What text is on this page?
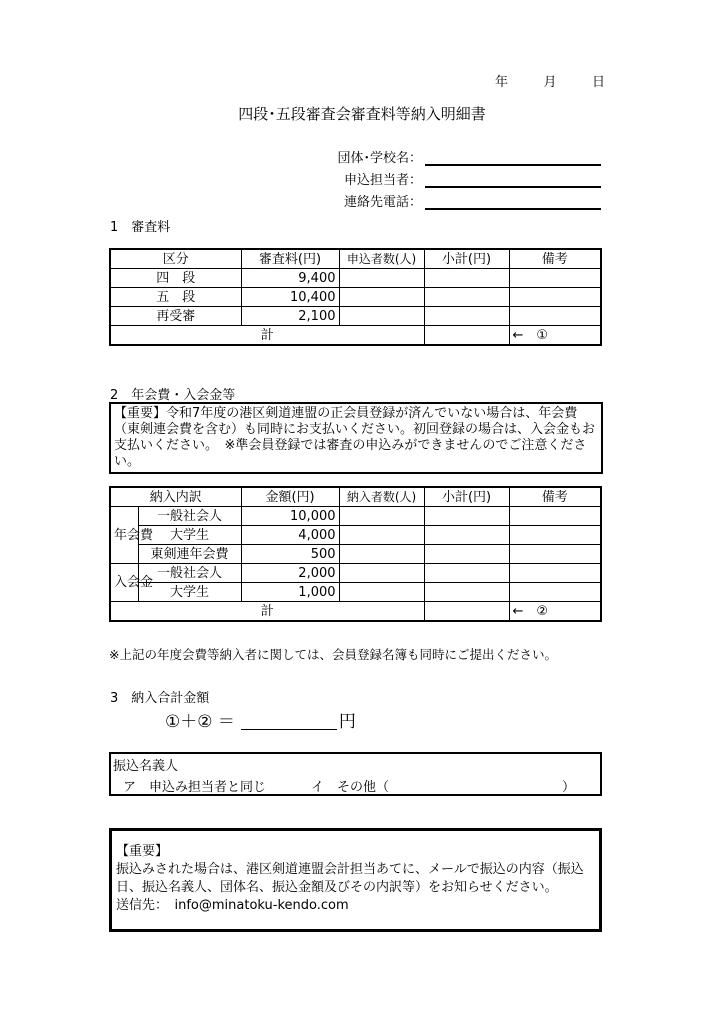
年	月	日
四段･五段審査会審査料等納入明細書
団体･学校名：
申込担当者：
連絡先電話：
1　審査料
区分	審査料(円)	申込者数(人)	小計(円)	備考
四　段	9,400			
五　段	10,400			
再受審	2,100			
計				←　①
2　年会費・入会金等
【重要】令和7年度の港区剣道連盟の正会員登録が済んでいない場合は、年会費（東剣連会費を含む）も同時にお支払いください。初回登録の場合は、入会金もお支払いください。　※準会員登録では審査の申込みができませんのでご注意ください。
納入内訳		金額(円)	納入者数(人)	小計(円)	備考
年会費	一般社会人	10,000			
	大学生	4,000			
	東剣連年会費	500			
入会金	一般社会人	2,000			
	大学生	1,000			
計					←　②
※上記の年度会費等納入者に関しては、会員登録名簿も同時にご提出ください。
3　納入合計金額
①＋② ＝	円
振込名義人
ア　申込み担当者と同じ	イ　その他（	）
【重要】
振込みされた場合は、港区剣道連盟会計担当あてに、メールで振込の内容（振込日、振込名義人、団体名、振込金額及びその内訳等）をお知らせください。
送信先：　info@minatoku-kendo.com
